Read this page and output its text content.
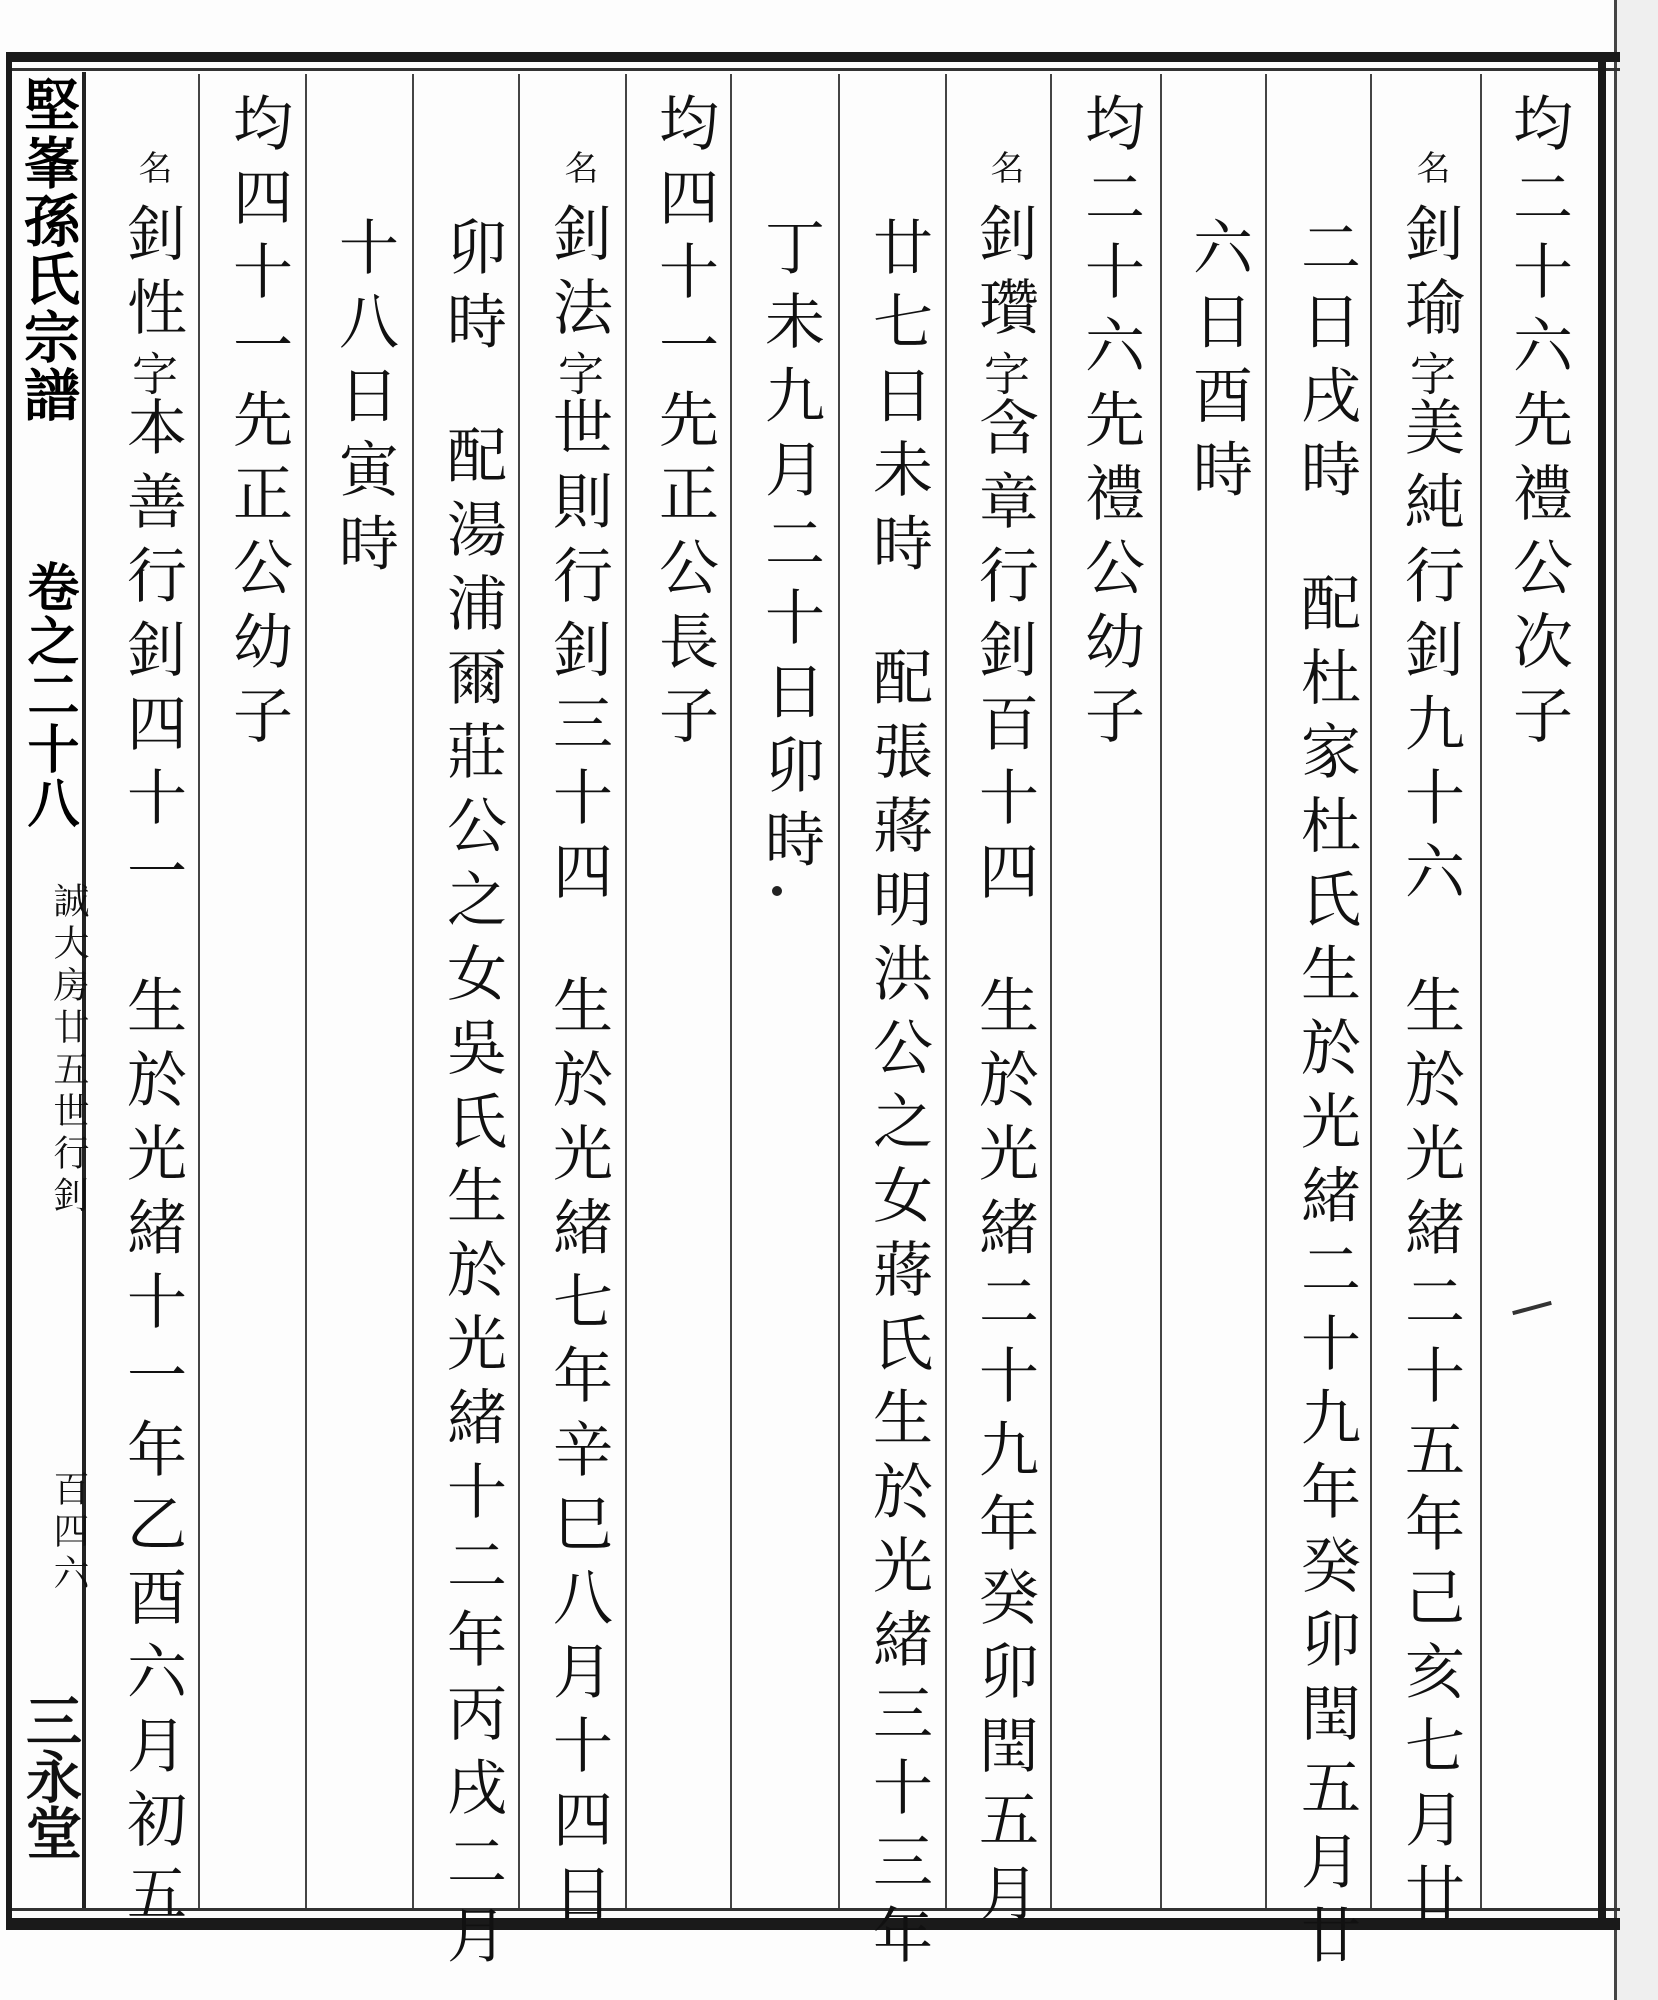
堅峯孫氏宗譜
誠大房廿五世行釗
百四六
三永堂
卷之二十八	均二十六先禮公次子
名釗瑜字美純行釗九十六生於光緒二十五年己亥七月廿
二日戌時配杜家杜氏生於光緒二十九年癸卯閏五月廿
六日酉時
均二十六先禮公幼子
名釗瓚字含章行釗百十四生於光緒二十九年癸卯閏五月
廿七日未時配張蔣明洪公之女蔣氏生於光緒三十三年
丁未九月二十日卯時
均四十一先正公長子
名釗法字世則行釗三十四生於光緒七年辛巳八月十四日
卯時配湯浦爾莊公之女吳氏生於光緒十二年丙戌二月
十八日寅時
均四十一先正公幼子
名釗性字本善行釗四十一生於光緒十一年乙酉六月初五
